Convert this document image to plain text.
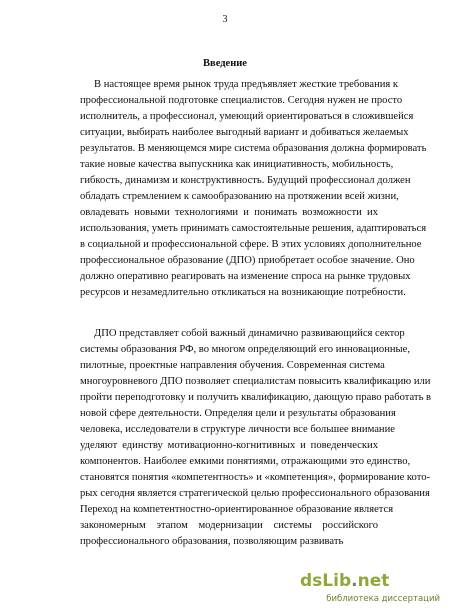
3
Введение
В настоящее время рынок труда предъявляет жесткие требования к
профессиональной подготовке специалистов. Сегодня нужен не просто
исполнитель, а профессионал, умеющий ориентироваться в сложившейся
ситуации, выбирать наиболее выгодный вариант и добиваться желаемых
результатов. В меняющемся мире система образования должна формировать
такие новые качества выпускника как инициативность, мобильность,
гибкость, динамизм и конструктивность. Будущий профессионал должен
обладать стремлением к самообразованию на протяжении всей жизни,
овладевать новыми технологиями и понимать возможности их
использования, уметь принимать самостоятельные решения, адаптироваться
в социальной и профессиональной сфере. В этих условиях дополнительное
профессиональное образование (ДПО) приобретает особое значение. Оно
должно оперативно реагировать на изменение спроса на рынке трудовых
ресурсов и незамедлительно откликаться на возникающие потребности.
ДПО представляет собой важный динамично развивающийся сектор
системы образования РФ, во многом определяющий его инновационные,
пилотные, проектные направления обучения. Современная система
многоуровневого ДПО позволяет специалистам повысить квалификацию или
пройти переподготовку и получить квалификацию, дающую право работать в
новой сфере деятельности. Определяя цели и результаты образования
человека, исследователи в структуре личности все большее внимание
уделяют единству мотивационно-когнитивных и поведенческих
компонентов. Наиболее емкими понятиями, отражающими это единство,
становятся понятия «компетентность» и «компетенция», формирование кото-
рых сегодня является стратегической целью профессионального образования
Переход на компетентностно-ориентированное образование является
закономерным этапом модернизации системы российского
профессионального образования, позволяющим развивать
dsLib.net
библиотека диссертаций
